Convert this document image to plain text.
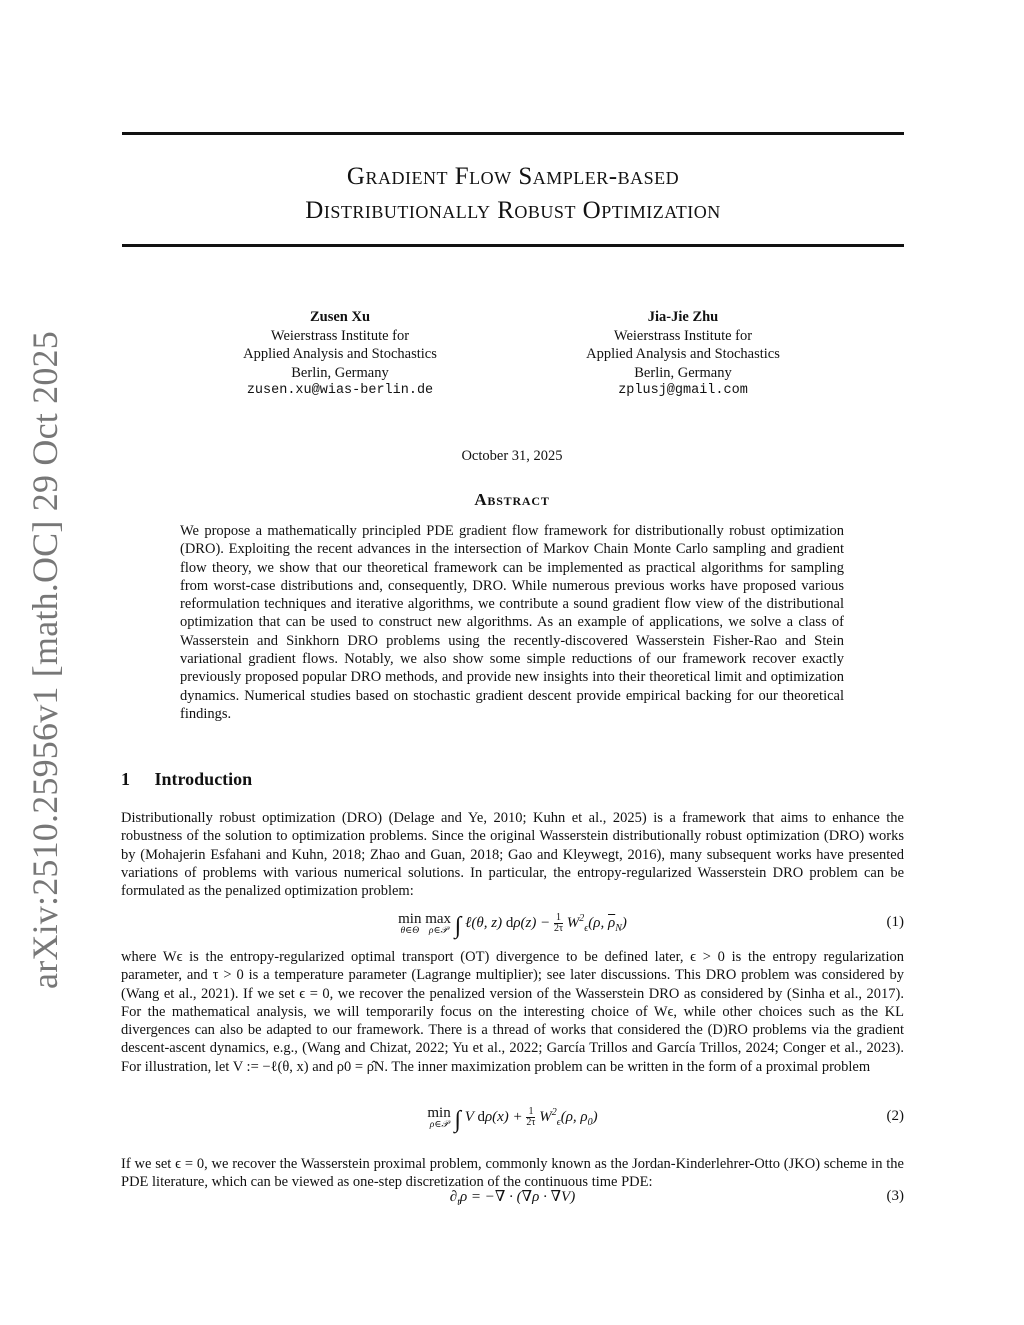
arXiv:2510.25956v1 [math.OC] 29 Oct 2025
Gradient Flow Sampler-based
Distributionally Robust Optimization
Zusen Xu
Weierstrass Institute for
Applied Analysis and Stochastics
Berlin, Germany
zusen.xu@wias-berlin.de
Jia-Jie Zhu
Weierstrass Institute for
Applied Analysis and Stochastics
Berlin, Germany
zplusj@gmail.com
October 31, 2025
Abstract

We propose a mathematically principled PDE gradient flow framework for distributionally robust optimization (DRO). Exploiting the recent advances in the intersection of Markov Chain Monte Carlo sampling and gradient flow theory, we show that our theoretical framework can be implemented as practical algorithms for sampling from worst-case distributions and, consequently, DRO. While numerous previous works have proposed various reformulation techniques and iterative algorithms, we contribute a sound gradient flow view of the distributional optimization that can be used to construct new algorithms. As an example of applications, we solve a class of Wasserstein and Sinkhorn DRO problems using the recently-discovered Wasserstein Fisher-Rao and Stein variational gradient flows. Notably, we also show some simple reductions of our framework recover exactly previously proposed popular DRO methods, and provide new insights into their theoretical limit and optimization dynamics. Numerical studies based on stochastic gradient descent provide empirical backing for our theoretical findings.

1 Introduction

Distributionally robust optimization (DRO) (Delage and Ye, 2010; Kuhn et al., 2025) is a framework that aims to enhance the robustness of the solution to optimization problems. Since the original Wasserstein distributionally robust optimization (DRO) works by (Mohajerin Esfahani and Kuhn, 2018; Zhao and Guan, 2018; Gao and Kleywegt, 2016), many subsequent works have presented variations of problems with various numerical solutions. In particular, the entropy-regularized Wasserstein DRO problem can be formulated as the penalized optimization problem:

min
θ∈Θ
max
ρ∈𝒫 ∫ ℓ(θ, z) $d\rho(z) - \frac{1}{2\tau} W^2_\epsilon(\rho$, $\overline{\rho}_N$)	(1)

where Wϵ is the entropy-regularized optimal transport (OT) divergence to be defined later, ϵ > 0 is the entropy regularization parameter, and τ > 0 is a temperature parameter (Lagrange multiplier); see later discussions. This DRO problem was considered by (Wang et al., 2021). If we set ϵ = 0, we recover the penalized version of the Wasserstein DRO as considered by (Sinha et al., 2017). For the mathematical analysis, we will temporarily focus on the interesting choice of Wϵ, while other choices such as the KL divergences can also be adapted to our framework. There is a thread of works that considered the (D)RO problems via the gradient descent-ascent dynamics, e.g., (Wang and Chizat, 2022; Yu et al., 2022; García Trillos and García Trillos, 2024; Conger et al., 2023). For illustration, let V := −ℓ(θ, x) and ρ0 = ρ̂N. The inner maximization problem can be written in the form of a proximal problem

min
ρ∈𝒫 ∫ V $d\rho(x) + \frac{1}{2\tau} W^2_\epsilon(\rho$, $\rho_0$)	(2)

If we set ϵ = 0, we recover the Wasserstein proximal problem, commonly known as the Jordan-Kinderlehrer-Otto (JKO) scheme in the PDE literature, which can be viewed as one-step discretization of the continuous time PDE:

$\partial_t\rho$ = −∇ · (∇ρ · ∇V)	(3)
